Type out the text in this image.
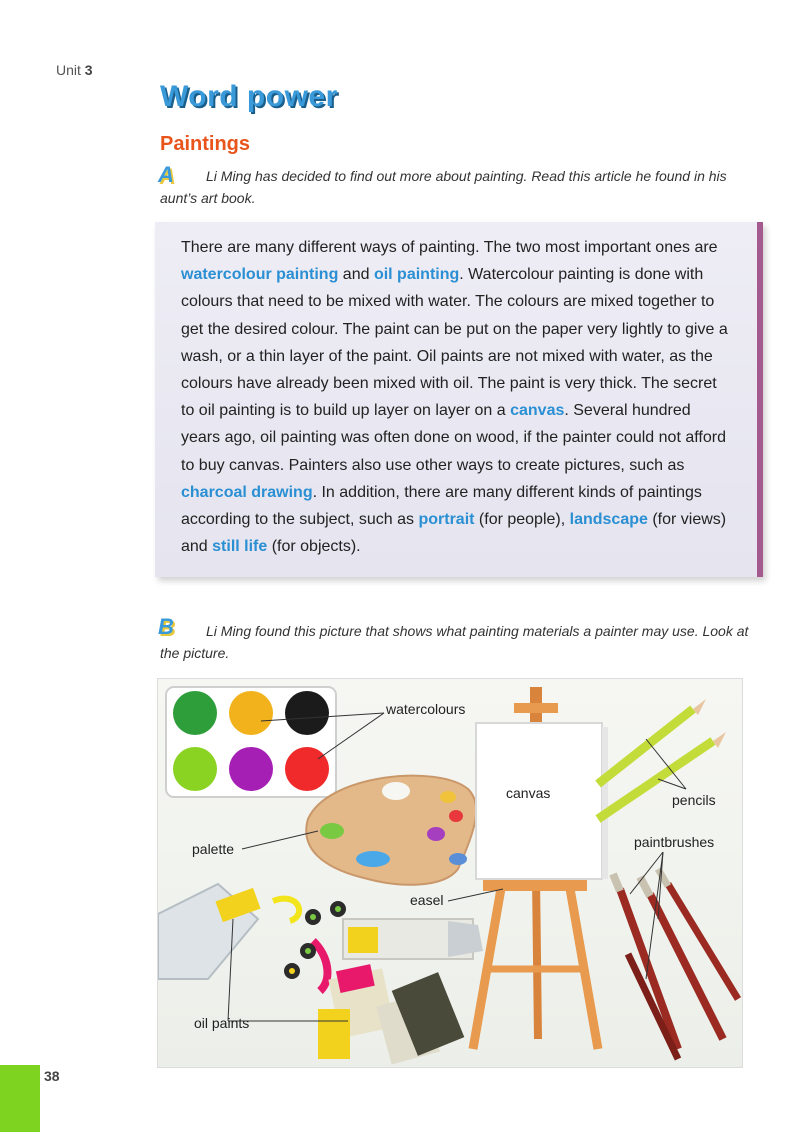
Unit 3
Word power
Paintings
A	Li Ming has decided to find out more about painting. Read this article he found in his aunt’s art book.
There are many different ways of painting. The two most important ones are watercolour painting and oil painting. Watercolour painting is done with colours that need to be mixed with water. The colours are mixed together to get the desired colour. The paint can be put on the paper very lightly to give a wash, or a thin layer of the paint. Oil paints are not mixed with water, as the colours have already been mixed with oil. The paint is very thick. The secret to oil painting is to build up layer on layer on a canvas. Several hundred years ago, oil painting was often done on wood, if the painter could not afford to buy canvas. Painters also use other ways to create pictures, such as charcoal drawing. In addition, there are many different kinds of paintings according to the subject, such as portrait (for people), landscape (for views) and still life (for objects).
B	Li Ming found this picture that shows what painting materials a painter may use. Look at the picture.
watercolours
canvas	pencils
paintbrushes
palette
easel
oil paints
38
